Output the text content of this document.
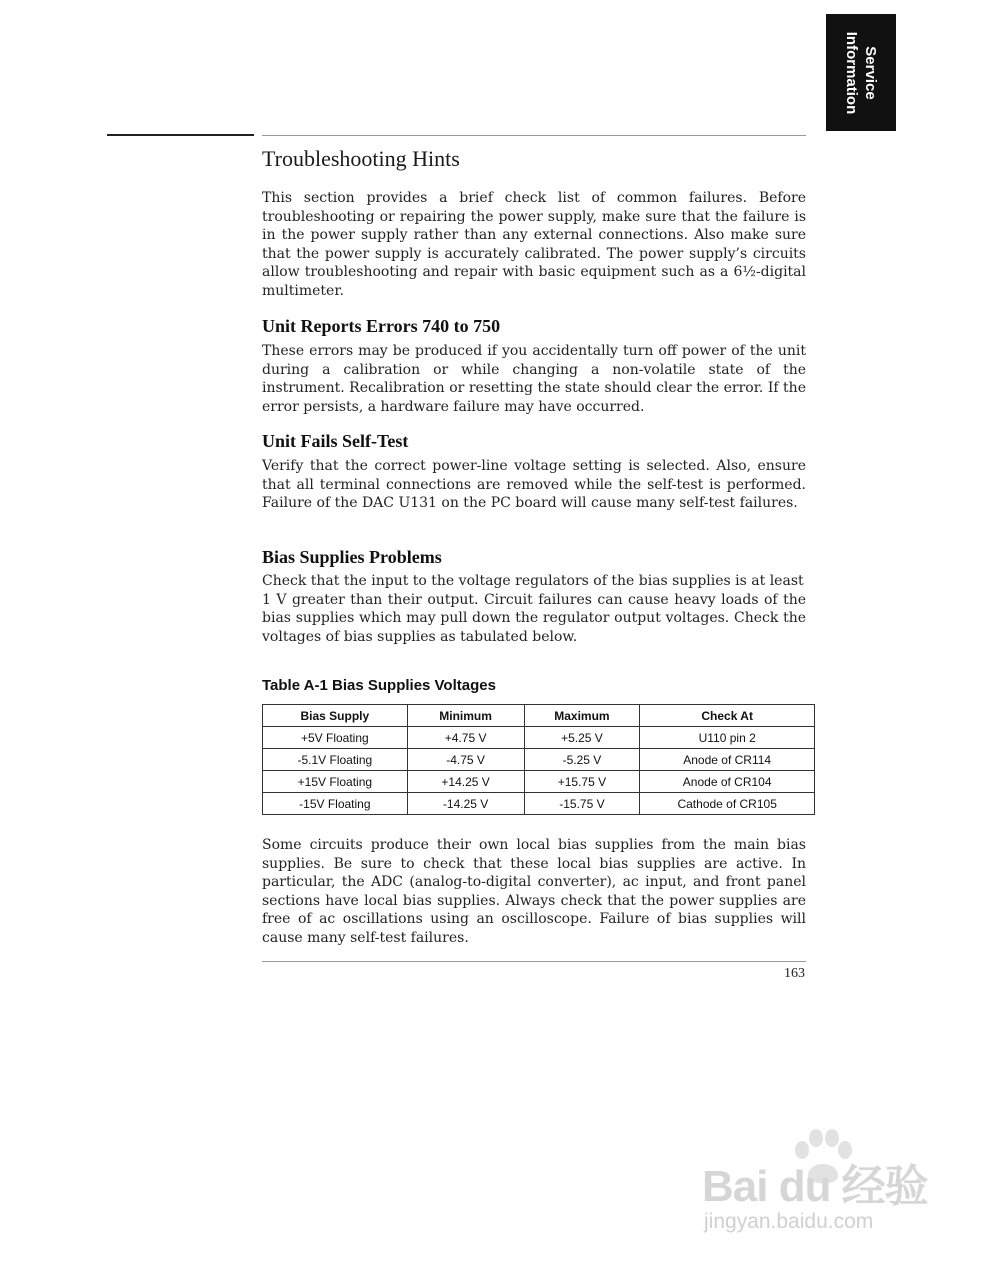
Service
Information
Troubleshooting Hints

This section provides a brief check list of common failures. Before troubleshooting or repairing the power supply, make sure that the failure is in the power supply rather than any external connections. Also make sure that the power supply is accurately calibrated. The power supply’s circuits allow troubleshooting and repair with basic equipment such as a 6½-digital multimeter.

Unit Reports Errors 740 to 750

These errors may be produced if you accidentally turn off power of the unit during a calibration or while changing a non-volatile state of the instrument. Recalibration or resetting the state should clear the error. If the error persists, a hardware failure may have occurred.

Unit Fails Self-Test

Verify that the correct power-line voltage setting is selected. Also, ensure that all terminal connections are removed while the self-test is performed. Failure of the DAC U131 on the PC board will cause many self-test failures.

Bias Supplies Problems

Check that the input to the voltage regulators of the bias supplies is at least
1 V greater than their output. Circuit failures can cause heavy loads of the bias supplies which may pull down the regulator output voltages. Check the voltages of bias supplies as tabulated below.

Table A-1 Bias Supplies Voltages
Bias Supply	Minimum	Maximum	Check At
+5V Floating	+4.75 V	+5.25 V	U110 pin 2
-5.1V Floating	-4.75 V	-5.25 V	Anode of CR114
+15V Floating	+14.25 V	+15.75 V	Anode of CR104
-15V Floating	-14.25 V	-15.75 V	Cathode of CR105

Some circuits produce their own local bias supplies from the main bias supplies. Be sure to check that these local bias supplies are active. In particular, the ADC (analog-to-digital converter), ac input, and front panel sections have local bias supplies. Always check that the power supplies are free of ac oscillations using an oscilloscope. Failure of bias supplies will cause many self-test failures.

163
Bai du 经验
jingyan.baidu.com
